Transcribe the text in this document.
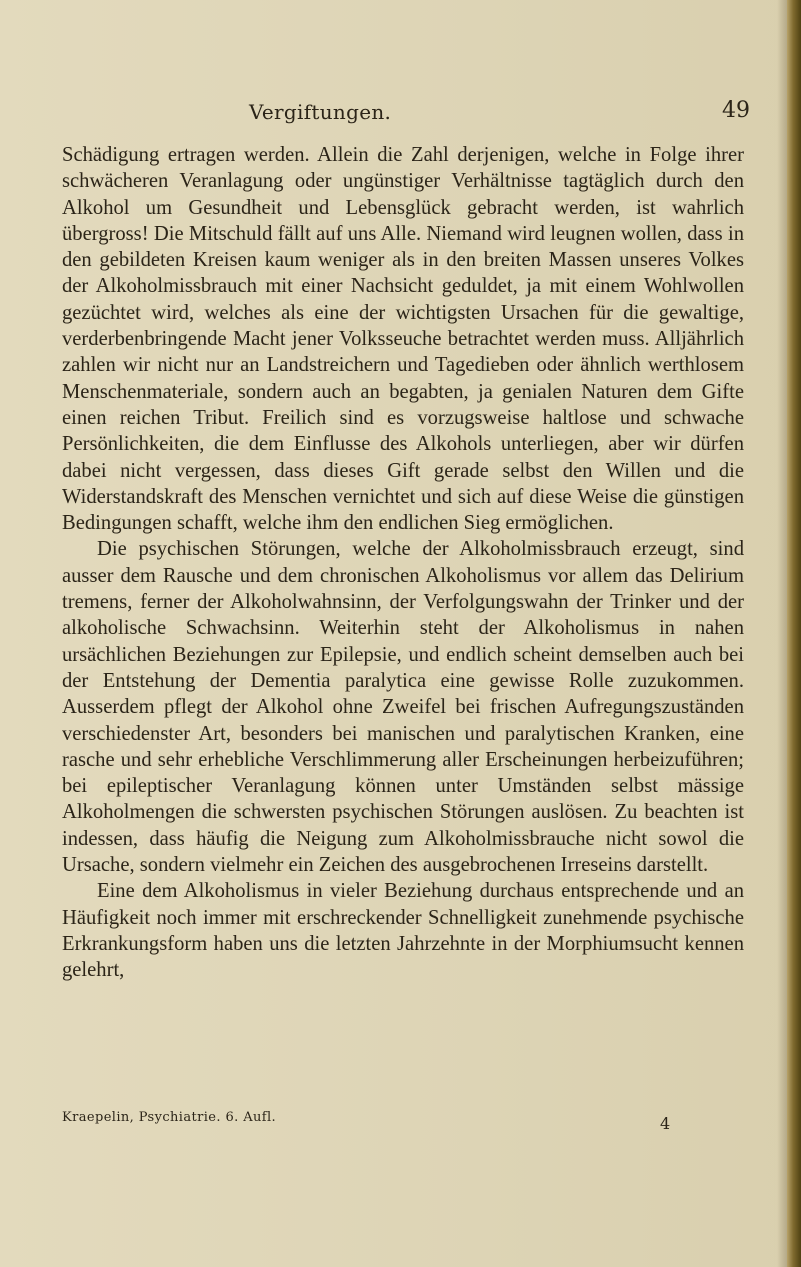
Vergiftungen.	49

Schädigung ertragen werden. Allein die Zahl derjenigen, welche in Folge ihrer schwächeren Veranlagung oder ungünstiger Verhältnisse tagtäglich durch den Alkohol um Gesundheit und Lebensglück gebracht werden, ist wahrlich übergross! Die Mitschuld fällt auf uns Alle. Niemand wird leugnen wollen, dass in den gebildeten Kreisen kaum weniger als in den breiten Massen unseres Volkes der Alkoholmissbrauch mit einer Nachsicht geduldet, ja mit einem Wohlwollen gezüchtet wird, welches als eine der wichtigsten Ursachen für die gewaltige, verderbenbringende Macht jener Volksseuche betrachtet werden muss. Alljährlich zahlen wir nicht nur an Landstreichern und Tagedieben oder ähnlich werthlosem Menschenmateriale, sondern auch an begabten, ja genialen Naturen dem Gifte einen reichen Tribut. Freilich sind es vorzugsweise haltlose und schwache Persönlichkeiten, die dem Einflusse des Alkohols unterliegen, aber wir dürfen dabei nicht vergessen, dass dieses Gift gerade selbst den Willen und die Widerstandskraft des Menschen vernichtet und sich auf diese Weise die günstigen Bedingungen schafft, welche ihm den endlichen Sieg ermöglichen.

Die psychischen Störungen, welche der Alkoholmissbrauch erzeugt, sind ausser dem Rausche und dem chronischen Alkoholismus vor allem das Delirium tremens, ferner der Alkoholwahnsinn, der Verfolgungswahn der Trinker und der alkoholische Schwachsinn. Weiterhin steht der Alkoholismus in nahen ursächlichen Beziehungen zur Epilepsie, und endlich scheint demselben auch bei der Entstehung der Dementia paralytica eine gewisse Rolle zuzukommen. Ausserdem pflegt der Alkohol ohne Zweifel bei frischen Aufregungszuständen verschiedenster Art, besonders bei manischen und paralytischen Kranken, eine rasche und sehr erhebliche Verschlimmerung aller Erscheinungen herbeizuführen; bei epileptischer Veranlagung können unter Umständen selbst mässige Alkoholmengen die schwersten psychischen Störungen auslösen. Zu beachten ist indessen, dass häufig die Neigung zum Alkoholmissbrauche nicht sowol die Ursache, sondern vielmehr ein Zeichen des ausgebrochenen Irreseins darstellt.

Eine dem Alkoholismus in vieler Beziehung durchaus entsprechende und an Häufigkeit noch immer mit erschreckender Schnelligkeit zunehmende psychische Erkrankungsform haben uns die letzten Jahrzehnte in der Morphiumsucht kennen gelehrt,

Kraepelin, Psychiatrie. 6. Aufl.	4
